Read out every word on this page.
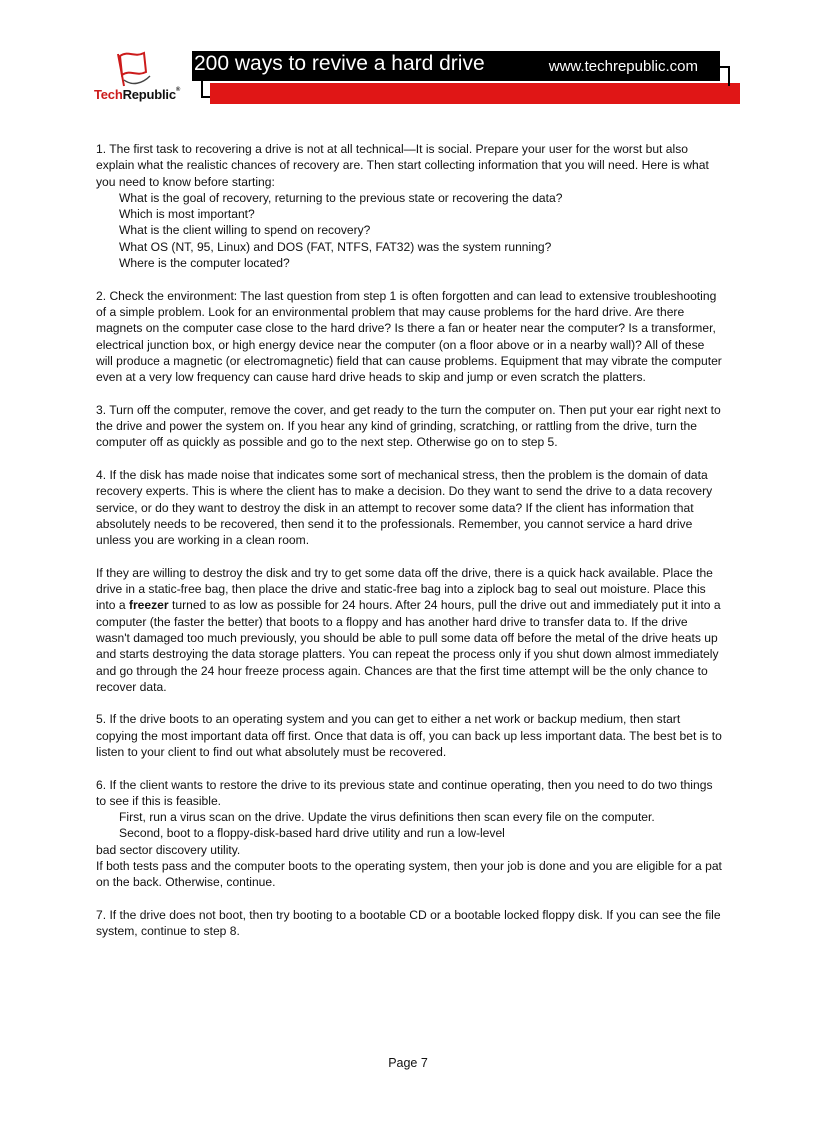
TechRepublic®
200 ways to revive a hard drive	www.techrepublic.com

1. The first task to recovering a drive is not at all technical—It is social. Prepare your user for the worst but also explain what the realistic chances of recovery are. Then start collecting information that you will need. Here is what you need to know before starting:

What is the goal of recovery, returning to the previous state or recovering the data?
Which is most important?
What is the client willing to spend on recovery?
What OS (NT, 95, Linux) and DOS (FAT, NTFS, FAT32) was the system running?
Where is the computer located?

2. Check the environment: The last question from step 1 is often forgotten and can lead to extensive troubleshooting of a simple problem. Look for an environmental problem that may cause problems for the hard drive. Are there magnets on the computer case close to the hard drive? Is there a fan or heater near the computer? Is a transformer, electrical junction box, or high energy device near the computer (on a floor above or in a nearby wall)? All of these will produce a magnetic (or electromagnetic) field that can cause problems. Equipment that may vibrate the computer even at a very low frequency can cause hard drive heads to skip and jump or even scratch the platters.

3. Turn off the computer, remove the cover, and get ready to the turn the computer on. Then put your ear right next to the drive and power the system on. If you hear any kind of grinding, scratching, or rattling from the drive, turn the computer off as quickly as possible and go to the next step. Otherwise go on to step 5.

4. If the disk has made noise that indicates some sort of mechanical stress, then the problem is the domain of data recovery experts. This is where the client has to make a decision. Do they want to send the drive to a data recovery service, or do they want to destroy the disk in an attempt to recover some data? If the client has information that absolutely needs to be recovered, then send it to the professionals. Remember, you cannot service a hard drive unless you are working in a clean room.

If they are willing to destroy the disk and try to get some data off the drive, there is a quick hack available. Place the drive in a static-free bag, then place the drive and static-free bag into a ziplock bag to seal out moisture. Place this into a freezer turned to as low as possible for 24 hours. After 24 hours, pull the drive out and immediately put it into a computer (the faster the better) that boots to a floppy and has another hard drive to transfer data to. If the drive wasn't damaged too much previously, you should be able to pull some data off before the metal of the drive heats up and starts destroying the data storage platters. You can repeat the process only if you shut down almost immediately and go through the 24 hour freeze process again. Chances are that the first time attempt will be the only chance to recover data.

5. If the drive boots to an operating system and you can get to either a net work or backup medium, then start copying the most important data off first. Once that data is off, you can back up less important data. The best bet is to listen to your client to find out what absolutely must be recovered.

6. If the client wants to restore the drive to its previous state and continue operating, then you need to do two things to see if this is feasible.

First, run a virus scan on the drive. Update the virus definitions then scan every file on the computer.
Second, boot to a floppy-disk-based hard drive utility and run a low-level
bad sector discovery utility.

If both tests pass and the computer boots to the operating system, then your job is done and you are eligible for a pat on the back. Otherwise, continue.

7. If the drive does not boot, then try booting to a bootable CD or a bootable locked floppy disk. If you can see the file system, continue to step 8.

Page 7
